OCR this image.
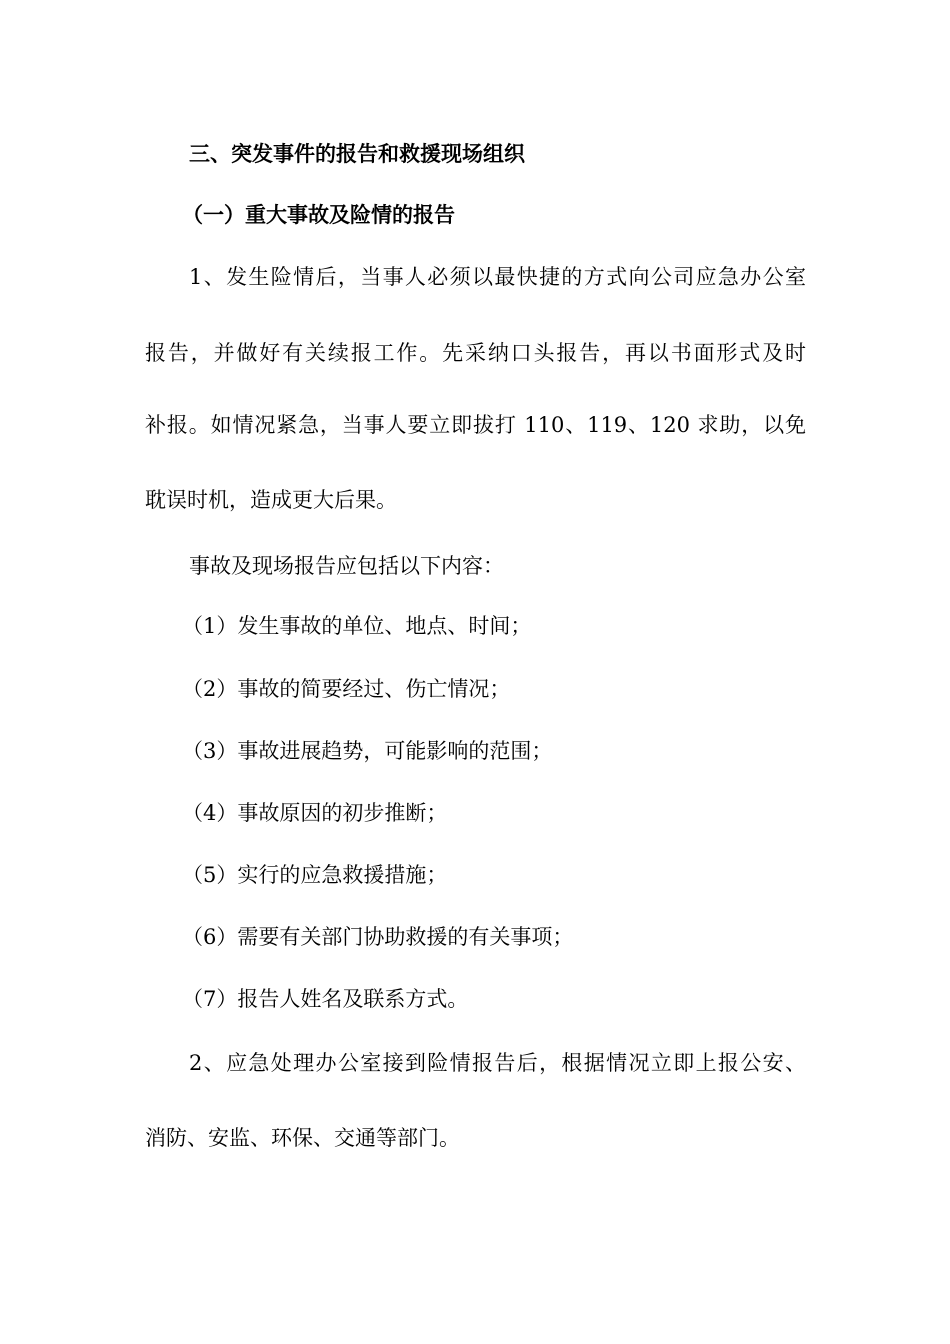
三、突发事件的报告和救援现场组织

（一）重大事故及险情的报告

1、发生险情后，当事人必须以最快捷的方式向公司应急办公室

报告，并做好有关续报工作。先采纳口头报告，再以书面形式及时

补报。如情况紧急，当事人要立即拔打 110、119、120 求助，以免

耽误时机，造成更大后果。

事故及现场报告应包括以下内容：

（1）发生事故的单位、地点、时间；

（2）事故的简要经过、伤亡情况；

（3）事故进展趋势，可能影响的范围；

（4）事故原因的初步推断；

（5）实行的应急救援措施；

（6）需要有关部门协助救援的有关事项；

（7）报告人姓名及联系方式。

2、应急处理办公室接到险情报告后，根据情况立即上报公安、

消防、安监、环保、交通等部门。
